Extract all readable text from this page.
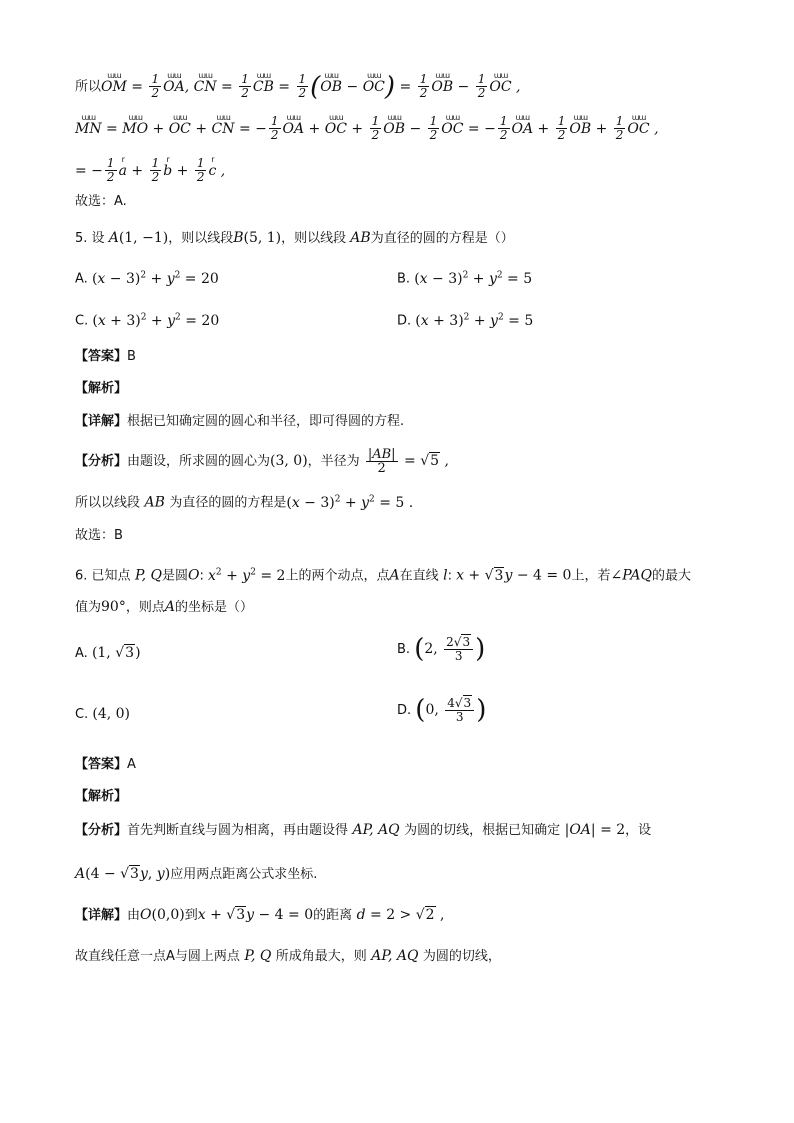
所以OM
ɯɯ
= $\frac{1}{2}$ OA
ɯɯ
, CN
ɯɯ
= $\frac{1}{2}$ CB
ɯɯ
= $\frac{1}{2} (OB$
ɯɯ
− OC
ɯɯ ) = $\frac{1}{2}$ OB
ɯɯ
− $\frac{1}{2}$ OC
ɯɯ
,
MN
ɯɯ
= MO
ɯɯ
+ OC
ɯɯ
+ CN
ɯɯ
= − $\frac{1}{2}$ OA
ɯɯ
+ OC
ɯɯ
+ $\frac{1}{2}$ OB
ɯɯ
− $\frac{1}{2}$ OC
ɯɯ
= − $\frac{1}{2}$ OA
ɯɯ
+ $\frac{1}{2}$ OB
ɯɯ
+ $\frac{1}{2}$ OC
ɯɯ
,
= − $\frac{1}{2}$ a
r
+ $\frac{1}{2}$ b
r
+ $\frac{1}{2}$ c
r
,
故选：A.
5. 设 A(1, −1)，则以线段B(5, 1)，则以线段 AB为直径的圆的方程是（）
A. $(x - 3)^2 + y^2 = 20$	B. $(x - 3)^2 + y^2 = 5$
C. $(x + 3)^2 + y^2 = 20$	D. $(x + 3)^2 + y^2 = 5$
【答案】B
【解析】
【详解】根据已知确定圆的圆心和半径，即可得圆的方程.
【分析】由题设，所求圆的圆心为(3, 0)，半径为 $\frac{|AB|}{2} = √5$ ,
所以以线段 AB 为直径的圆的方程是$(x - 3)^2 + y^2 = 5$ .
故选：B
6. 已知点 P, Q是圆O: $x^2 + y^2 = 2$上的两个动点，点A在直线 l: x + √3y − 4 = 0上，若∠PAQ的最大
值为90°，则点A的坐标是（）
A. (1, √3)	B. (2, $\frac{2√3}{3}$ )
C. (4, 0)	D. (0, $\frac{4√3}{3}$ )
【答案】A
【解析】
【分析】首先判断直线与圆为相离，再由题设得 AP, AQ 为圆的切线，根据已知确定 |OA| = 2，设
A(4 − √3y, y)应用两点距离公式求坐标.
【详解】由O(0,0)到x + √3y − 4 = 0的距离 d = 2 > √2 ,
故直线任意一点A与圆上两点 P, Q 所成角最大，则 AP, AQ 为圆的切线，
